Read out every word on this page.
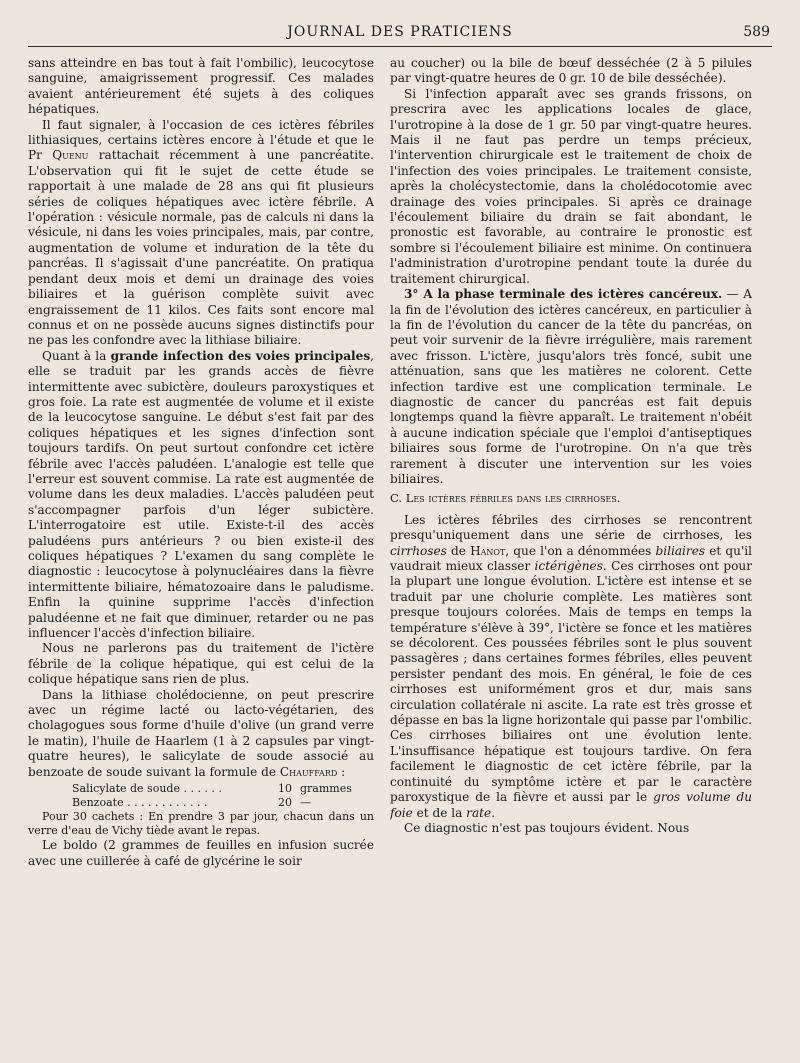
JOURNAL DES PRATICIENS	589

sans atteindre en bas tout à fait l'ombilic), leucocytose sanguine, amaigrissement progressif. Ces malades avaient antérieurement été sujets à des coliques hépatiques.

Il faut signaler, à l'occasion de ces ictères fébriles lithiasiques, certains ictères encore à l'étude et que le Pr Quenu rattachait récemment à une pancréatite. L'observation qui fit le sujet de cette étude se rapportait à une malade de 28 ans qui fit plusieurs séries de coliques hépatiques avec ictère fébrile. A l'opération : vésicule normale, pas de calculs ni dans la vésicule, ni dans les voies principales, mais, par contre, augmentation de volume et induration de la tête du pancréas. Il s'agissait d'une pancréatite. On pratiqua pendant deux mois et demi un drainage des voies biliaires et la guérison complète suivit avec engraissement de 11 kilos. Ces faits sont encore mal connus et on ne possède aucuns signes distinctifs pour ne pas les confondre avec la lithiase biliaire.

Quant à la grande infection des voies principales, elle se traduit par les grands accès de fièvre intermittente avec subictère, douleurs paroxystiques et gros foie. La rate est augmentée de volume et il existe de la leucocytose sanguine. Le début s'est fait par des coliques hépatiques et les signes d'infection sont toujours tardifs. On peut surtout confondre cet ictère fébrile avec l'accès paludéen. L'analogie est telle que l'erreur est souvent commise. La rate est augmentée de volume dans les deux maladies. L'accès paludéen peut s'accompagner parfois d'un léger subictère. L'interrogatoire est utile. Existe-t-il des accès paludéens purs antérieurs ? ou bien existe-il des coliques hépatiques ? L'examen du sang complète le diagnostic : leucocytose à polynucléaires dans la fièvre intermittente biliaire, hématozoaire dans le paludisme. Enfin la quinine supprime l'accès d'infection paludéenne et ne fait que diminuer, retarder ou ne pas influencer l'accès d'infection biliaire.

Nous ne parlerons pas du traitement de l'ictère fébrile de la colique hépatique, qui est celui de la colique hépatique sans rien de plus.

Dans la lithiase cholédocienne, on peut prescrire avec un régime lacté ou lacto-végétarien, des cholagogues sous forme d'huile d'olive (un grand verre le matin), l'huile de Haarlem (1 à 2 capsules par vingt-quatre heures), le salicylate de soude associé au benzoate de soude suivant la formule de Chauffard :

Salicylate de soude . . . . . .	10 grammes
Benzoate . . . . . . . . . . . .	20 —

Pour 30 cachets : En prendre 3 par jour, chacun dans un verre d'eau de Vichy tiède avant le repas.

Le boldo (2 grammes de feuilles en infusion sucrée avec une cuillerée à café de glycérine le soir

au coucher) ou la bile de bœuf desséchée (2 à 5 pilules par vingt-quatre heures de 0 gr. 10 de bile desséchée).

Si l'infection apparaît avec ses grands frissons, on prescrira avec les applications locales de glace, l'urotropine à la dose de 1 gr. 50 par vingt-quatre heures. Mais il ne faut pas perdre un temps précieux, l'intervention chirurgicale est le traitement de choix de l'infection des voies principales. Le traitement consiste, après la cholécystectomie, dans la cholédocotomie avec drainage des voies principales. Si après ce drainage l'écoulement biliaire du drain se fait abondant, le pronostic est favorable, au contraire le pronostic est sombre si l'écoulement biliaire est minime. On continuera l'administration d'urotropine pendant toute la durée du traitement chirurgical.

3° A la phase terminale des ictères cancéreux. — A la fin de l'évolution des ictères cancéreux, en particulier à la fin de l'évolution du cancer de la tête du pancréas, on peut voir survenir de la fièvre irrégulière, mais rarement avec frisson. L'ictère, jusqu'alors très foncé, subit une atténuation, sans que les matières ne colorent. Cette infection tardive est une complication terminale. Le diagnostic de cancer du pancréas est fait depuis longtemps quand la fièvre apparaît. Le traitement n'obéit à aucune indication spéciale que l'emploi d'antiseptiques biliaires sous forme de l'urotropine. On n'a que très rarement à discuter une intervention sur les voies biliaires.

C. Les ictères fébriles dans les cirrhoses.

Les ictères fébriles des cirrhoses se rencontrent presqu'uniquement dans une série de cirrhoses, les cirrhoses de Hanot, que l'on a dénommées biliaires et qu'il vaudrait mieux classer ictérigènes. Ces cirrhoses ont pour la plupart une longue évolution. L'ictère est intense et se traduit par une cholurie complète. Les matières sont presque toujours colorées. Mais de temps en temps la température s'élève à 39°, l'ictère se fonce et les matières se décolorent. Ces poussées fébriles sont le plus souvent passagères ; dans certaines formes fébriles, elles peuvent persister pendant des mois. En général, le foie de ces cirrhoses est uniformément gros et dur, mais sans circulation collatérale ni ascite. La rate est très grosse et dépasse en bas la ligne horizontale qui passe par l'ombilic. Ces cirrhoses biliaires ont une évolution lente. L'insuffisance hépatique est toujours tardive. On fera facilement le diagnostic de cet ictère fébrile, par la continuité du symptôme ictère et par le caractère paroxystique de la fièvre et aussi par le gros volume du foie et de la rate.

Ce diagnostic n'est pas toujours évident. Nous
